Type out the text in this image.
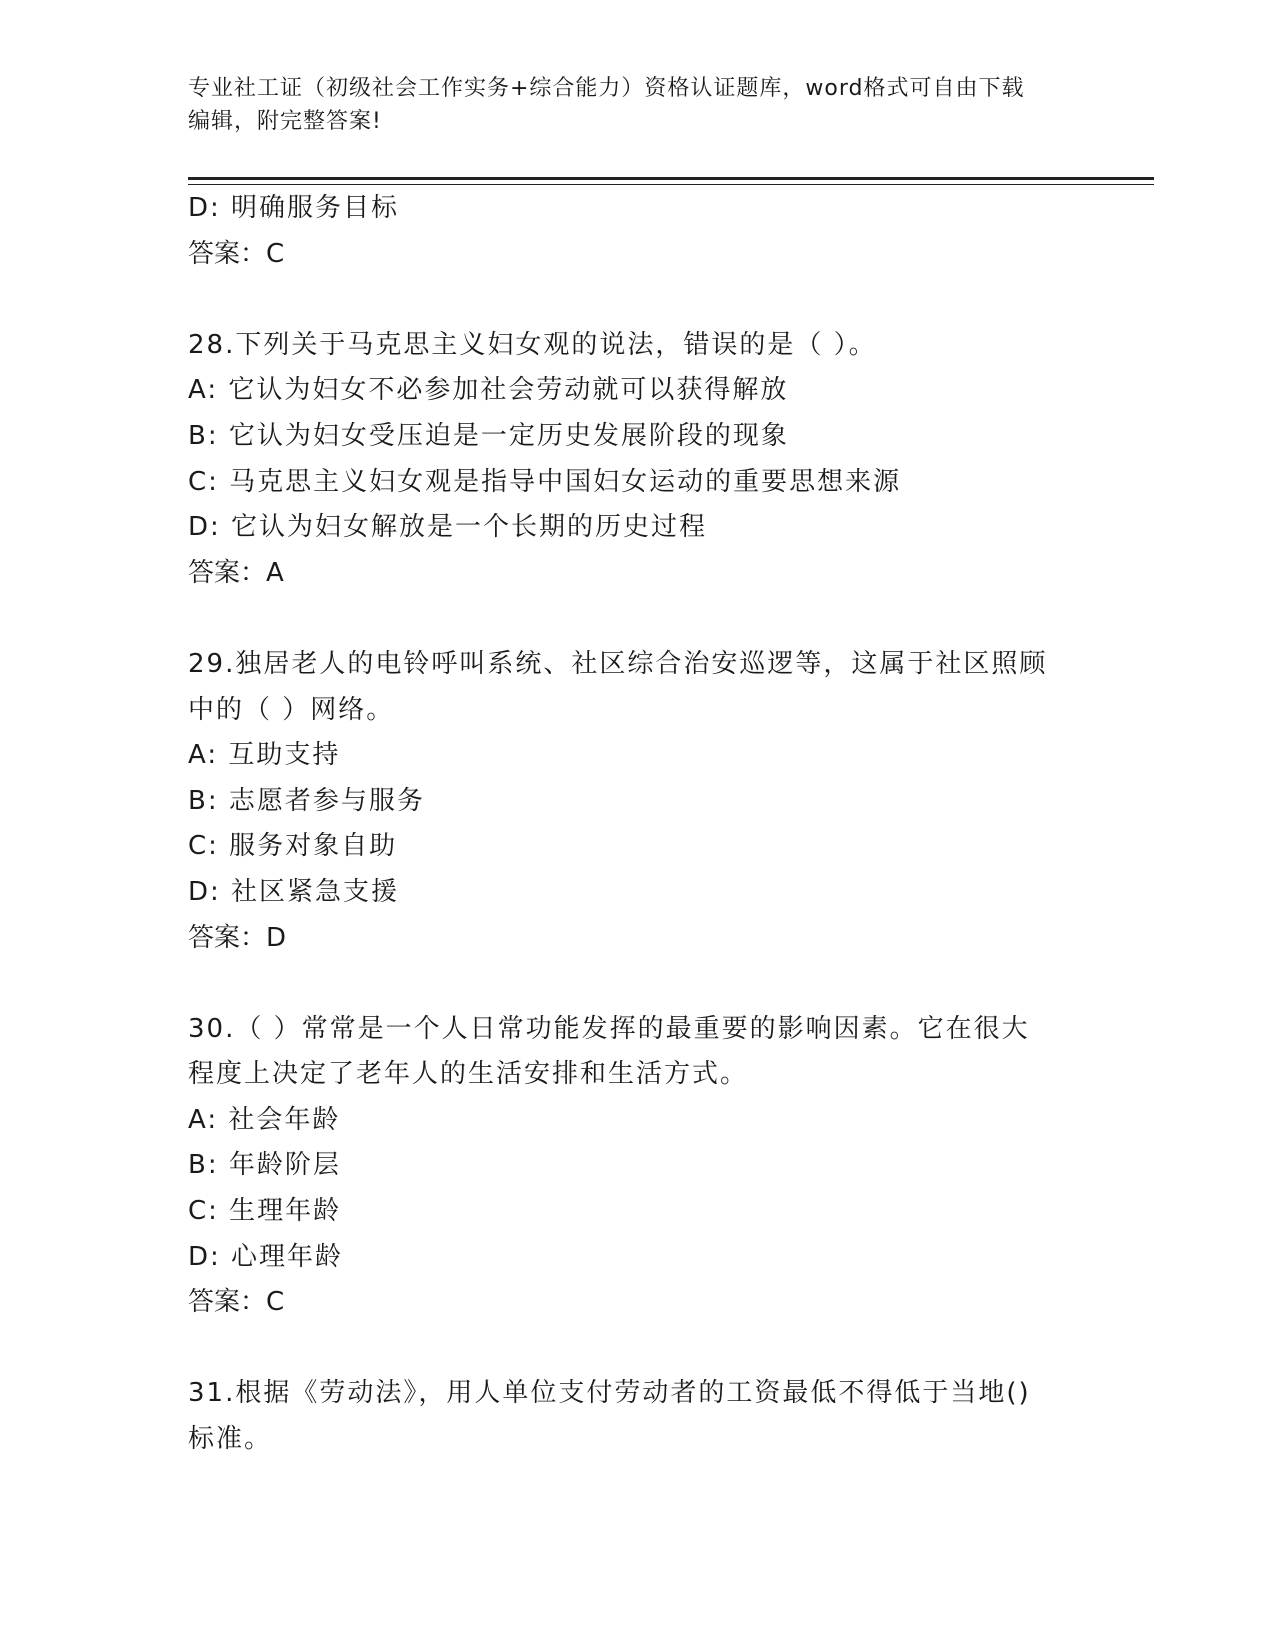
专业社工证（初级社会工作实务+综合能力）资格认证题库，word格式可自由下载
编辑，附完整答案!
D: 明确服务目标
答案：C
28.下列关于马克思主义妇女观的说法，错误的是（ ）。
A: 它认为妇女不必参加社会劳动就可以获得解放
B: 它认为妇女受压迫是一定历史发展阶段的现象
C: 马克思主义妇女观是指导中国妇女运动的重要思想来源
D: 它认为妇女解放是一个长期的历史过程
答案：A
29.独居老人的电铃呼叫系统、社区综合治安巡逻等，这属于社区照顾
中的（ ）网络。
A: 互助支持
B: 志愿者参与服务
C: 服务对象自助
D: 社区紧急支援
答案：D
30.（ ）常常是一个人日常功能发挥的最重要的影响因素。它在很大
程度上决定了老年人的生活安排和生活方式。
A: 社会年龄
B: 年龄阶层
C: 生理年龄
D: 心理年龄
答案：C
31.根据《劳动法》，用人单位支付劳动者的工资最低不得低于当地()
标准。
